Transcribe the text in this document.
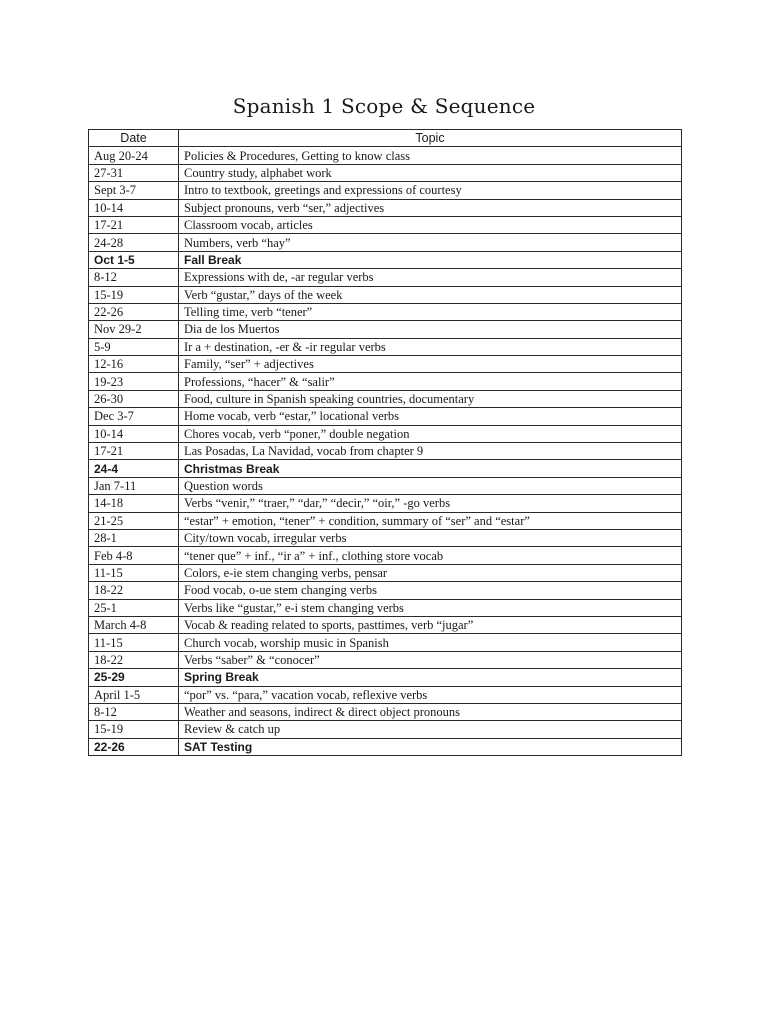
Spanish 1 Scope & Sequence
Date	Topic
Aug 20-24	Policies & Procedures, Getting to know class
27-31	Country study, alphabet work
Sept 3-7	Intro to textbook, greetings and expressions of courtesy
10-14	Subject pronouns, verb “ser,” adjectives
17-21	Classroom vocab, articles
24-28	Numbers, verb “hay”
Oct 1-5	Fall Break
8-12	Expressions with de, -ar regular verbs
15-19	Verb “gustar,” days of the week
22-26	Telling time, verb “tener”
Nov 29-2	Dia de los Muertos
5-9	Ir a + destination, -er & -ir regular verbs
12-16	Family, “ser” + adjectives
19-23	Professions, “hacer” & “salir”
26-30	Food, culture in Spanish speaking countries, documentary
Dec 3-7	Home vocab, verb “estar,” locational verbs
10-14	Chores vocab, verb “poner,” double negation
17-21	Las Posadas, La Navidad, vocab from chapter 9
24-4	Christmas Break
Jan 7-11	Question words
14-18	Verbs “venir,” “traer,” “dar,” “decir,” “oir,” -go verbs
21-25	“estar” + emotion, “tener” + condition, summary of “ser” and “estar”
28-1	City/town vocab, irregular verbs
Feb 4-8	“tener que” + inf., “ir a” + inf., clothing store vocab
11-15	Colors, e-ie stem changing verbs, pensar
18-22	Food vocab, o-ue stem changing verbs
25-1	Verbs like “gustar,” e-i stem changing verbs
March 4-8	Vocab & reading related to sports, pasttimes, verb “jugar”
11-15	Church vocab, worship music in Spanish
18-22	Verbs “saber” & “conocer”
25-29	Spring Break
April 1-5	“por” vs. “para,” vacation vocab, reflexive verbs
8-12	Weather and seasons, indirect & direct object pronouns
15-19	Review & catch up
22-26	SAT Testing
